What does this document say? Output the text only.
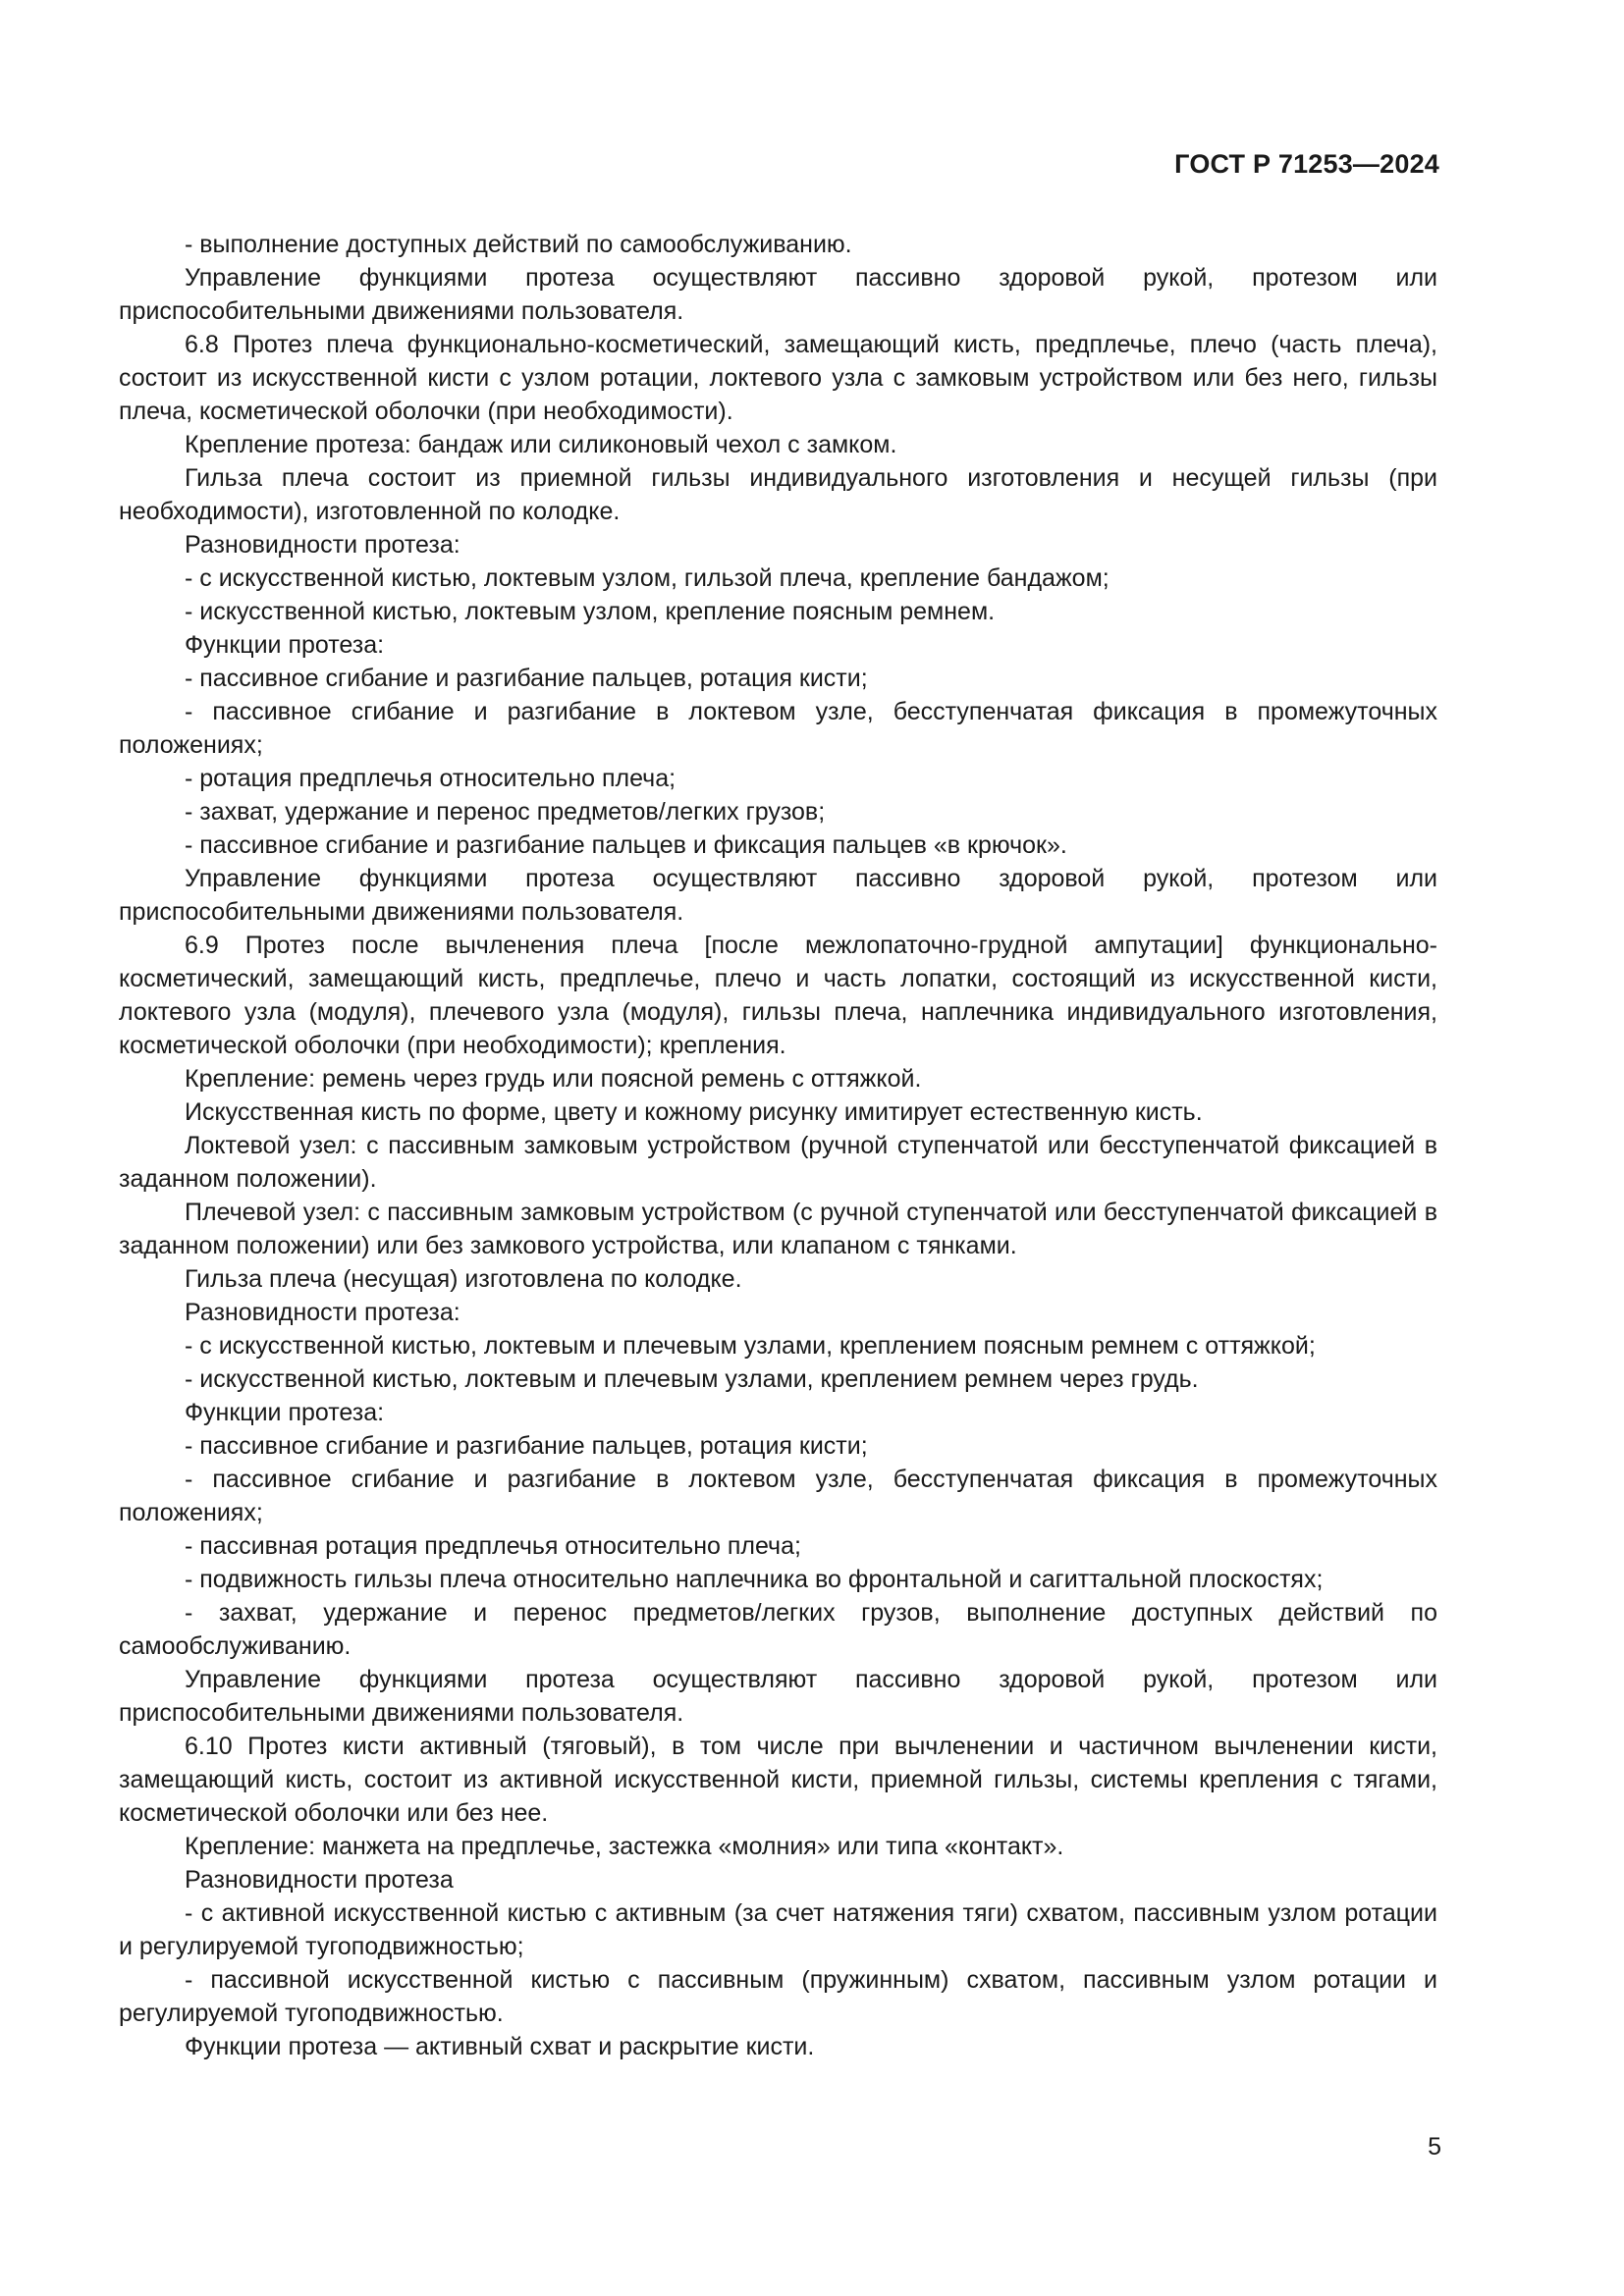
ГОСТ Р 71253—2024

- выполнение доступных действий по самообслуживанию.

Управление функциями протеза осуществляют пассивно здоровой рукой, протезом или приспособительными движениями пользователя.

6.8 Протез плеча функционально-косметический, замещающий кисть, предплечье, плечо (часть плеча), состоит из искусственной кисти с узлом ротации, локтевого узла с замковым устройством или без него, гильзы плеча, косметической оболочки (при необходимости).

Крепление протеза: бандаж или силиконовый чехол с замком.

Гильза плеча состоит из приемной гильзы индивидуального изготовления и несущей гильзы (при необходимости), изготовленной по колодке.

Разновидности протеза:

- с искусственной кистью, локтевым узлом, гильзой плеча, крепление бандажом;

- искусственной кистью, локтевым узлом, крепление поясным ремнем.

Функции протеза:

- пассивное сгибание и разгибание пальцев, ротация кисти;

- пассивное сгибание и разгибание в локтевом узле, бесступенчатая фиксация в промежуточных положениях;

- ротация предплечья относительно плеча;

- захват, удержание и перенос предметов/легких грузов;

- пассивное сгибание и разгибание пальцев и фиксация пальцев «в крючок».

Управление функциями протеза осуществляют пассивно здоровой рукой, протезом или приспособительными движениями пользователя.

6.9 Протез после вычленения плеча [после межлопаточно-грудной ампутации] функционально-косметический, замещающий кисть, предплечье, плечо и часть лопатки, состоящий из искусственной кисти, локтевого узла (модуля), плечевого узла (модуля), гильзы плеча, наплечника индивидуального изготовления, косметической оболочки (при необходимости); крепления.

Крепление: ремень через грудь или поясной ремень с оттяжкой.

Искусственная кисть по форме, цвету и кожному рисунку имитирует естественную кисть.

Локтевой узел: с пассивным замковым устройством (ручной ступенчатой или бесступенчатой фиксацией в заданном положении).

Плечевой узел: с пассивным замковым устройством (с ручной ступенчатой или бесступенчатой фиксацией в заданном положении) или без замкового устройства, или клапаном с тянками.

Гильза плеча (несущая) изготовлена по колодке.

Разновидности протеза:

- с искусственной кистью, локтевым и плечевым узлами, креплением поясным ремнем с оттяжкой;

- искусственной кистью, локтевым и плечевым узлами, креплением ремнем через грудь.

Функции протеза:

- пассивное сгибание и разгибание пальцев, ротация кисти;

- пассивное сгибание и разгибание в локтевом узле, бесступенчатая фиксация в промежуточных положениях;

- пассивная ротация предплечья относительно плеча;

- подвижность гильзы плеча относительно наплечника во фронтальной и сагиттальной плоскостях;

- захват, удержание и перенос предметов/легких грузов, выполнение доступных действий по самообслуживанию.

Управление функциями протеза осуществляют пассивно здоровой рукой, протезом или приспособительными движениями пользователя.

6.10 Протез кисти активный (тяговый), в том числе при вычленении и частичном вычленении кисти, замещающий кисть, состоит из активной искусственной кисти, приемной гильзы, системы крепления с тягами, косметической оболочки или без нее.

Крепление: манжета на предплечье, застежка «молния» или типа «контакт».

Разновидности протеза

- с активной искусственной кистью с активным (за счет натяжения тяги) схватом, пассивным узлом ротации и регулируемой тугоподвижностью;

- пассивной искусственной кистью с пассивным (пружинным) схватом, пассивным узлом ротации и регулируемой тугоподвижностью.

Функции протеза — активный схват и раскрытие кисти.

5
